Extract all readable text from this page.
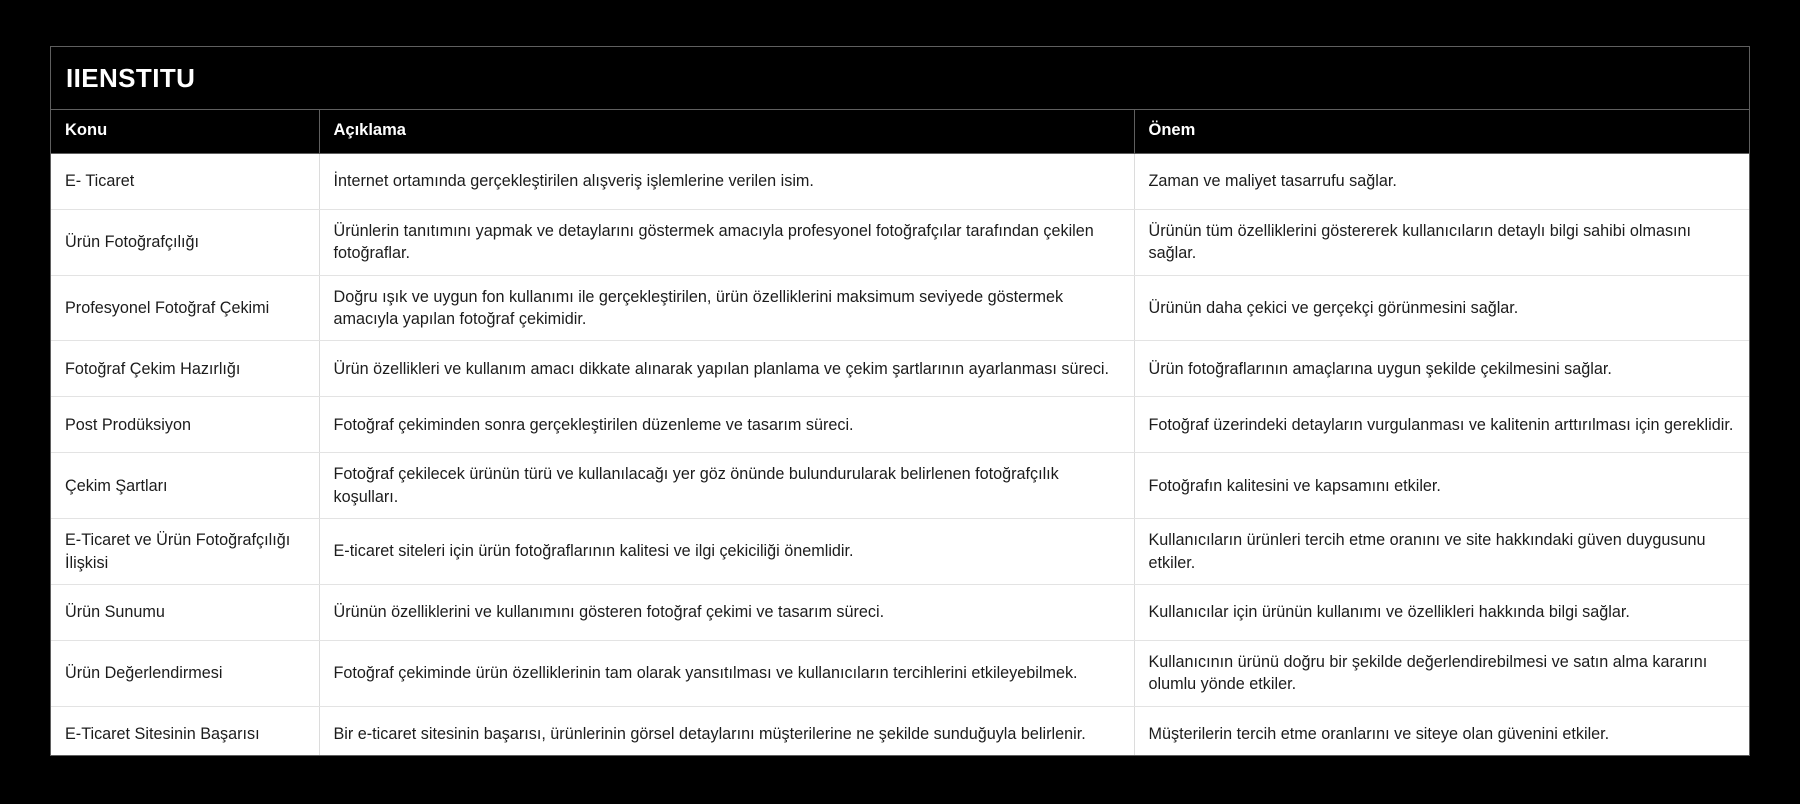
IIENSTITU
Konu	Açıklama	Önem
E- Ticaret	İnternet ortamında gerçekleştirilen alışveriş işlemlerine verilen isim.	Zaman ve maliyet tasarrufu sağlar.
Ürün Fotoğrafçılığı	Ürünlerin tanıtımını yapmak ve detaylarını göstermek amacıyla profesyonel fotoğrafçılar tarafından çekilen fotoğraflar.	Ürünün tüm özelliklerini göstererek kullanıcıların detaylı bilgi sahibi olmasını sağlar.
Profesyonel Fotoğraf Çekimi	Doğru ışık ve uygun fon kullanımı ile gerçekleştirilen, ürün özelliklerini maksimum seviyede göstermek amacıyla yapılan fotoğraf çekimidir.	Ürünün daha çekici ve gerçekçi görünmesini sağlar.
Fotoğraf Çekim Hazırlığı	Ürün özellikleri ve kullanım amacı dikkate alınarak yapılan planlama ve çekim şartlarının ayarlanması süreci.	Ürün fotoğraflarının amaçlarına uygun şekilde çekilmesini sağlar.
Post Prodüksiyon	Fotoğraf çekiminden sonra gerçekleştirilen düzenleme ve tasarım süreci.	Fotoğraf üzerindeki detayların vurgulanması ve kalitenin arttırılması için gereklidir.
Çekim Şartları	Fotoğraf çekilecek ürünün türü ve kullanılacağı yer göz önünde bulundurularak belirlenen fotoğrafçılık koşulları.	Fotoğrafın kalitesini ve kapsamını etkiler.
E-Ticaret ve Ürün Fotoğrafçılığı İlişkisi	E-ticaret siteleri için ürün fotoğraflarının kalitesi ve ilgi çekiciliği önemlidir.	Kullanıcıların ürünleri tercih etme oranını ve site hakkındaki güven duygusunu etkiler.
Ürün Sunumu	Ürünün özelliklerini ve kullanımını gösteren fotoğraf çekimi ve tasarım süreci.	Kullanıcılar için ürünün kullanımı ve özellikleri hakkında bilgi sağlar.
Ürün Değerlendirmesi	Fotoğraf çekiminde ürün özelliklerinin tam olarak yansıtılması ve kullanıcıların tercihlerini etkileyebilmek.	Kullanıcının ürünü doğru bir şekilde değerlendirebilmesi ve satın alma kararını olumlu yönde etkiler.
E-Ticaret Sitesinin Başarısı	Bir e-ticaret sitesinin başarısı, ürünlerinin görsel detaylarını müşterilerine ne şekilde sunduğuyla belirlenir.	Müşterilerin tercih etme oranlarını ve siteye olan güvenini etkiler.
